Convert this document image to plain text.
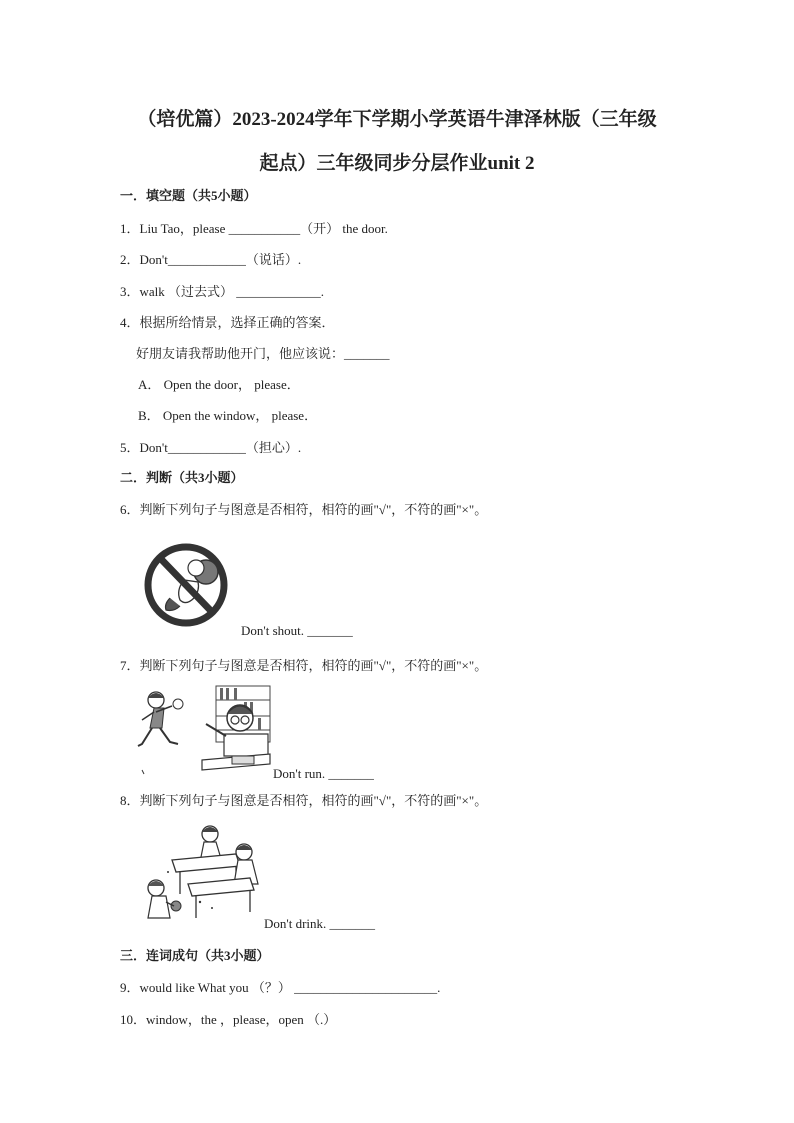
（培优篇）2023-2024学年下学期小学英语牛津泽林版（三年级
起点）三年级同步分层作业unit 2
一．填空题（共5小题）
1．Liu Tao，please ___________（开） the door.
2．Don't____________（说话）.
3．walk （过去式） _____________.
4．根据所给情景，选择正确的答案．
好朋友请我帮助他开门，他应该说：_______
A． Open the door， please．
B． Open the window， please．
5．Don't____________（担心）.
二．判断（共3小题）
6．判断下列句子与图意是否相符，相符的画"√"，不符的画"×"。
Don't shout. _______
7．判断下列句子与图意是否相符，相符的画"√"，不符的画"×"。
Don't run. _______
8．判断下列句子与图意是否相符，相符的画"√"，不符的画"×"。
Don't drink. _______
三．连词成句（共3小题）
9．would like What you （？） ______________________.
10．window，the ，please，open （.）
